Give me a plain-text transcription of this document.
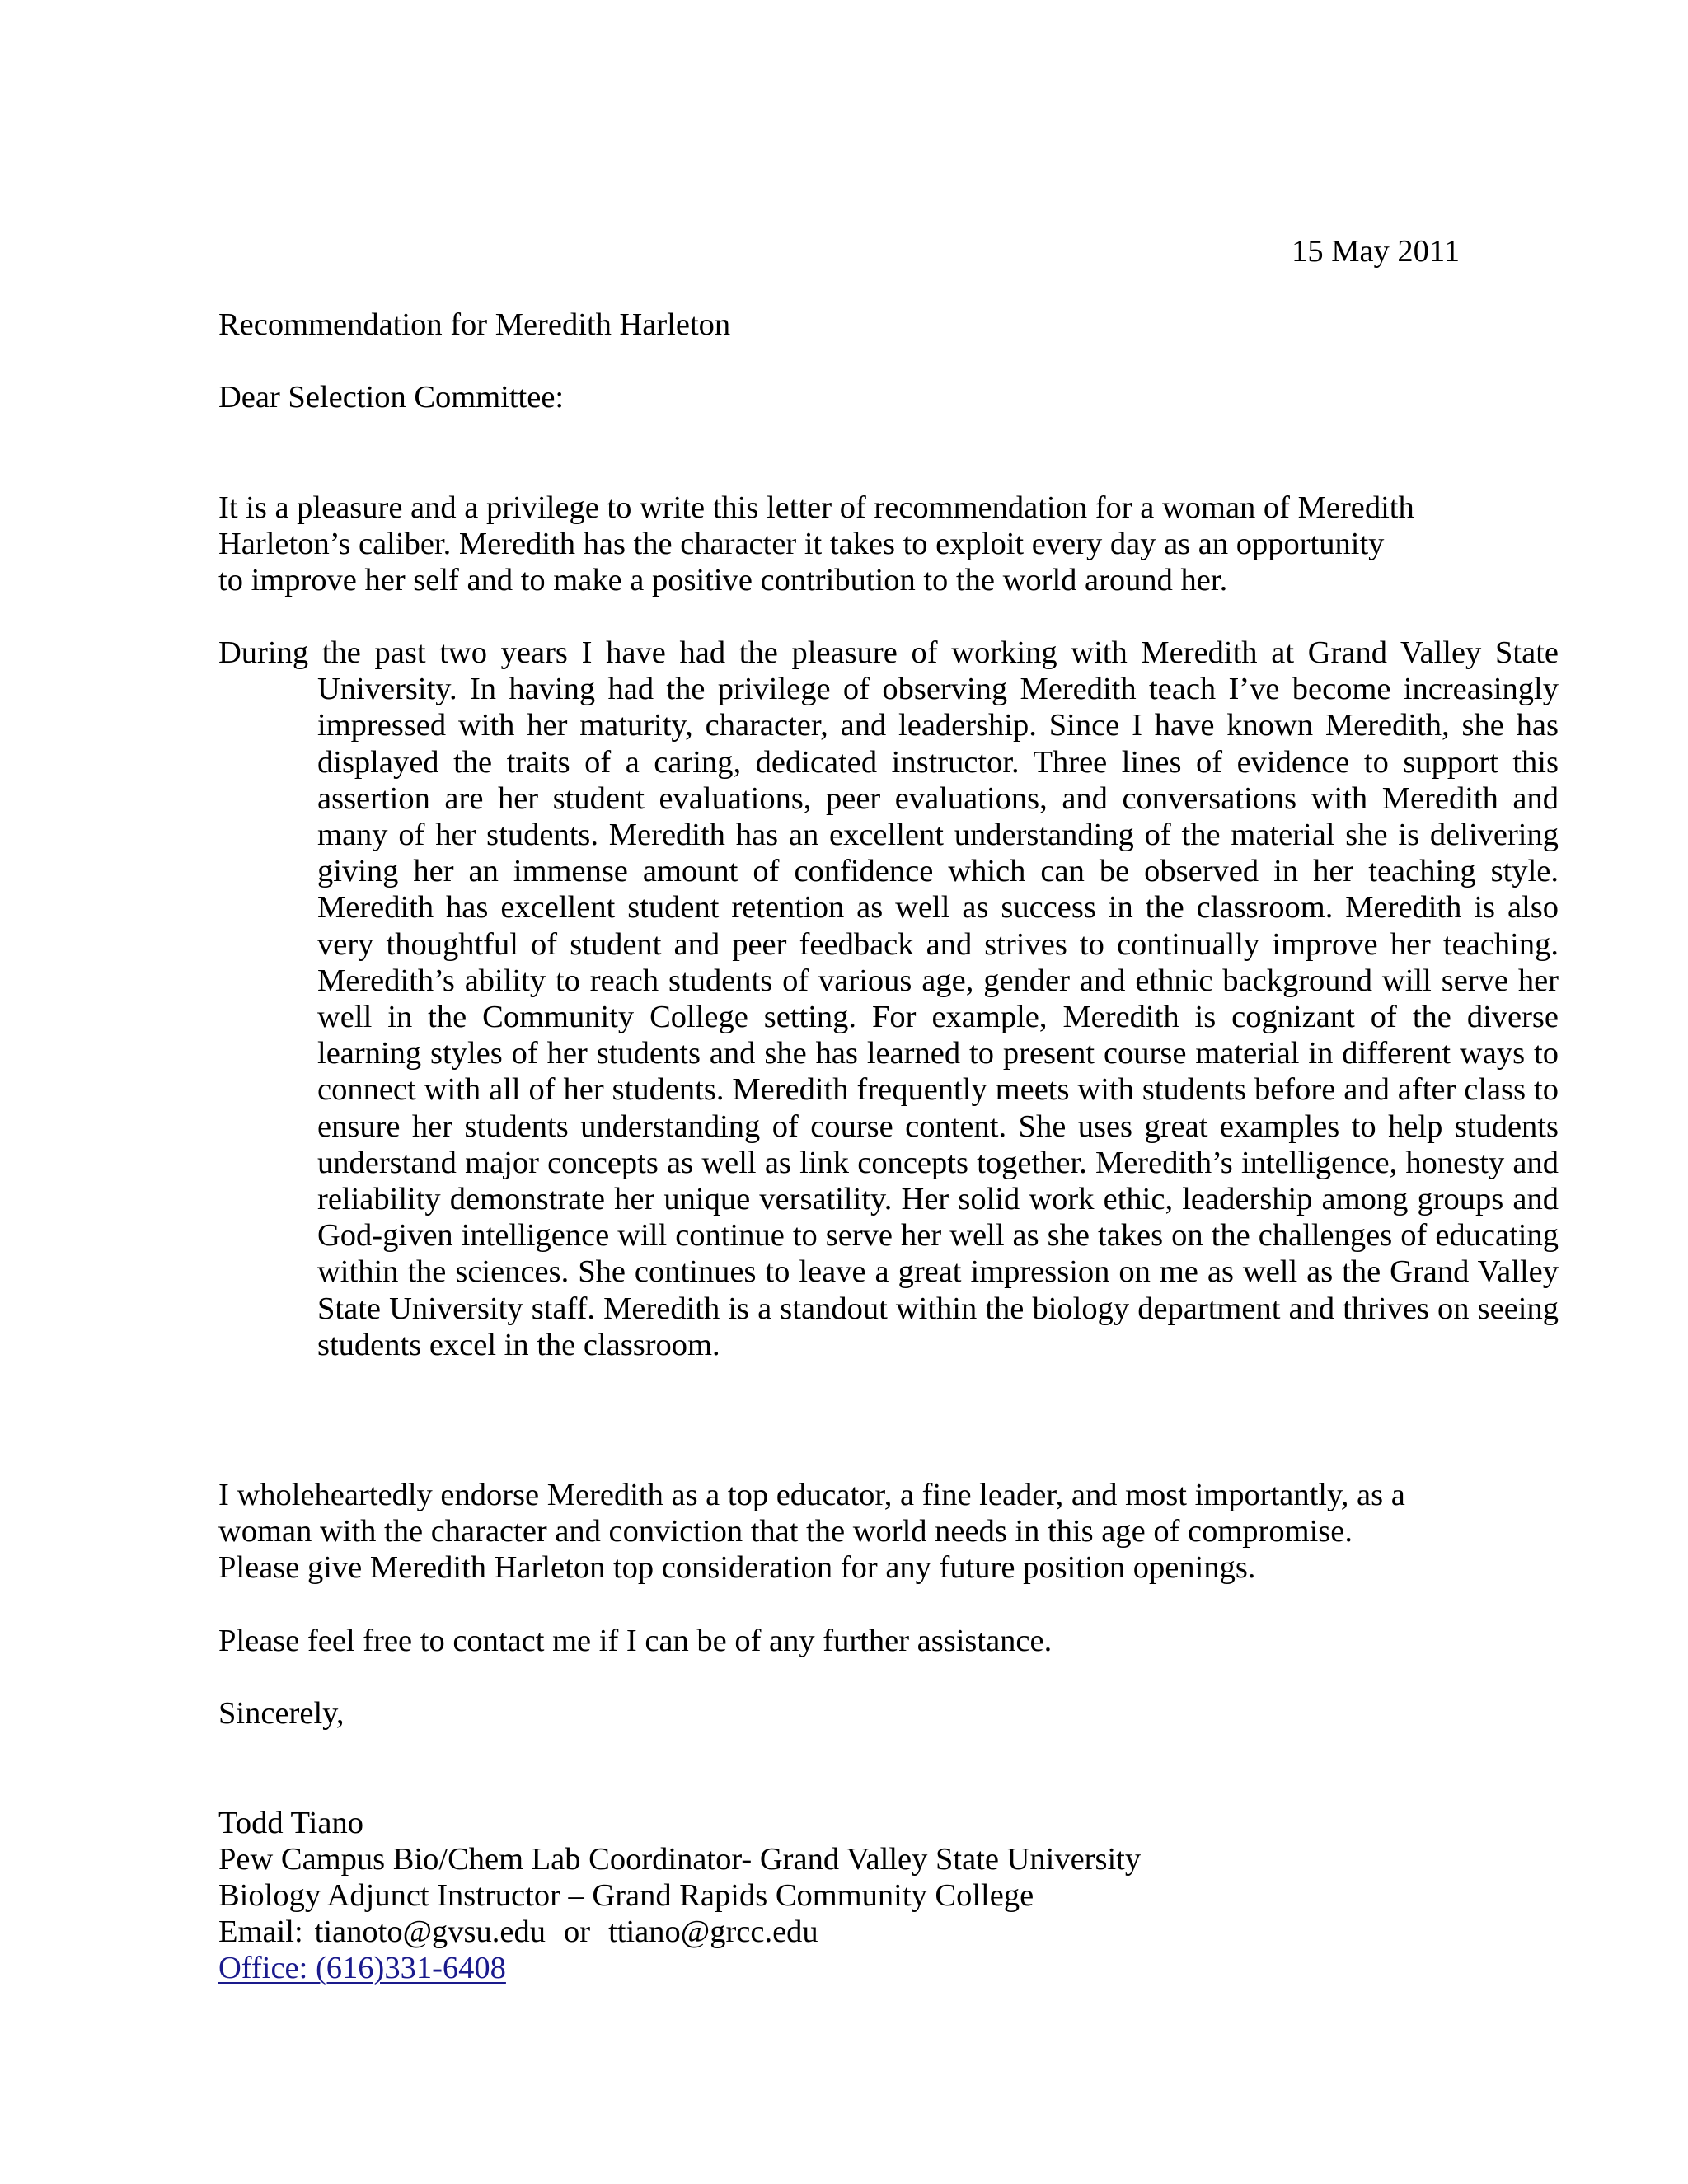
15 May 2011
Recommendation for Meredith Harleton
Dear Selection Committee:
It is a pleasure and a privilege to write this letter of recommendation for a woman of Meredith
Harleton’s caliber. Meredith has the character it takes to exploit every day as an opportunity
to improve her self and to make a positive contribution to the world around her.
During the past two years I have had the pleasure of working with Meredith at Grand Valley State University. In having had the privilege of observing Meredith teach I’ve become increasingly impressed with her maturity, character, and leadership. Since I have known Meredith, she has displayed the traits of a caring, dedicated instructor. Three lines of evidence to support this assertion are her student evaluations, peer evaluations, and conversations with Meredith and many of her students. Meredith has an excellent understanding of the material she is delivering giving her an immense amount of confidence which can be observed in her teaching style. Meredith has excellent student retention as well as success in the classroom. Meredith is also very thoughtful of student and peer feedback and strives to continually improve her teaching. Meredith’s ability to reach students of various age, gender and ethnic background will serve her well in the Community College setting. For example, Meredith is cognizant of the diverse learning styles of her students and she has learned to present course material in different ways to connect with all of her students. Meredith frequently meets with students before and after class to ensure her students understanding of course content. She uses great examples to help students understand major concepts as well as link concepts together. Meredith’s intelligence, honesty and reliability demonstrate her unique versatility. Her solid work ethic, leadership among groups and God-given intelligence will continue to serve her well as she takes on the challenges of educating within the sciences. She continues to leave a great impression on me as well as the Grand Valley State University staff. Meredith is a standout within the biology department and thrives on seeing students excel in the classroom.
I wholeheartedly endorse Meredith as a top educator, a fine leader, and most importantly, as a
woman with the character and conviction that the world needs in this age of compromise.
Please give Meredith Harleton top consideration for any future position openings.
Please feel free to contact me if I can be of any further assistance.
Sincerely,
Todd Tiano
Pew Campus Bio/Chem Lab Coordinator- Grand Valley State University
Biology Adjunct Instructor – Grand Rapids Community College
Email: tianoto@gvsu.edu or ttiano@grcc.edu
Office: (616)331-6408
